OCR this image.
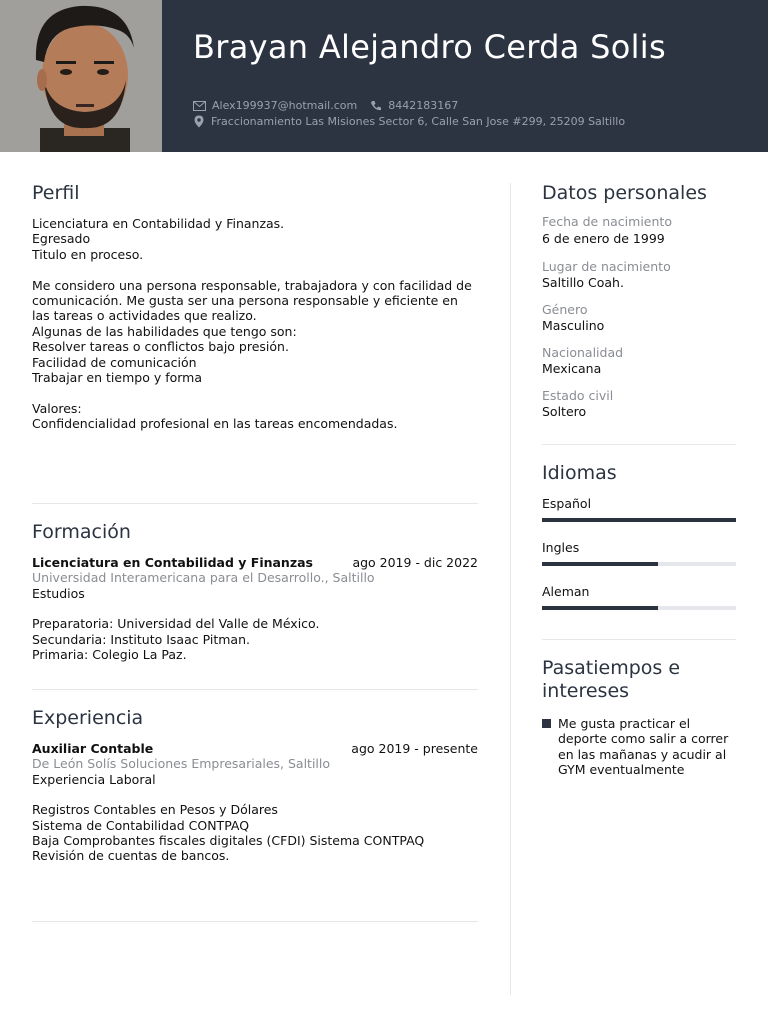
Brayan Alejandro Cerda Solis
Alex199937@hotmail.com	8442183167
Fraccionamiento Las Misiones Sector 6, Calle San Jose #299, 25209 Saltillo
Perfil
Licenciatura en Contabilidad y Finanzas.
Egresado
Titulo en proceso.

Me considero una persona responsable, trabajadora y con facilidad de comunicación. Me gusta ser una persona responsable y eficiente en las tareas o actividades que realizo.
Algunas de las habilidades que tengo son:
Resolver tareas o conflictos bajo presión.
Facilidad de comunicación
Trabajar en tiempo y forma

Valores:
Confidencialidad profesional en las tareas encomendadas.
Formación
Licenciatura en Contabilidad y Finanzas	ago 2019 - dic 2022
Universidad Interamericana para el Desarrollo., Saltillo
Estudios
Preparatoria: Universidad del Valle de México.
Secundaria: Instituto Isaac Pitman.
Primaria: Colegio La Paz.
Experiencia
Auxiliar Contable	ago 2019 - presente
De León Solís Soluciones Empresariales, Saltillo
Experiencia Laboral
Registros Contables en Pesos y Dólares
Sistema de Contabilidad CONTPAQ
Baja Comprobantes fiscales digitales (CFDI) Sistema CONTPAQ
Revisión de cuentas de bancos.
Datos personales
Fecha de nacimiento
6 de enero de 1999
Lugar de nacimiento
Saltillo Coah.
Género
Masculino
Nacionalidad
Mexicana
Estado civil
Soltero
Idiomas
Español
Ingles
Aleman
Pasatiempos e intereses
Me gusta practicar el deporte como salir a correr en las mañanas y acudir al GYM eventualmente
